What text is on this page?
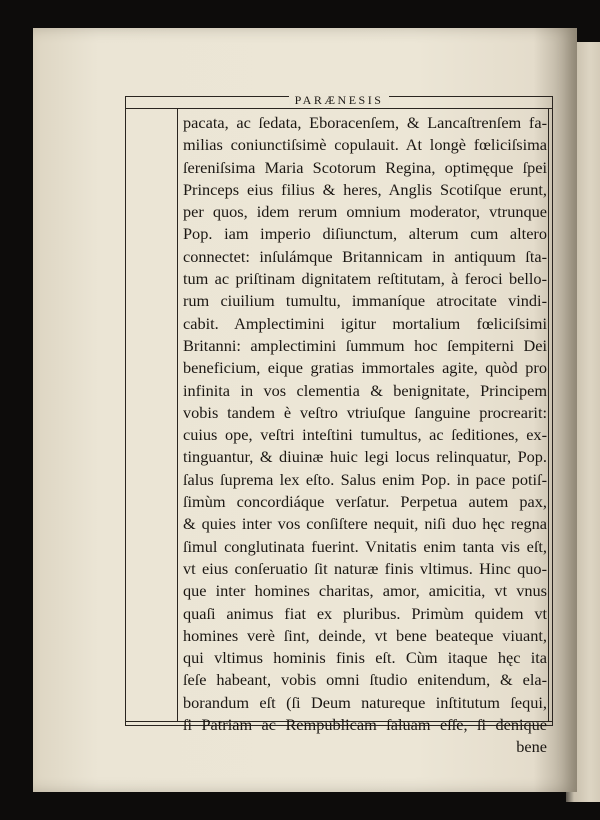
PARÆNESIS
pacata, ac ſedata, Eboracenſem, & Lancaſtrenſem fa-
milias coniunctiſsimè copulauit. At longè fœliciſsima
ſereniſsima Maria Scotorum Regina, optimęque ſpei
Princeps eius filius & heres, Anglis Scotiſque erunt,
per quos, idem rerum omnium moderator, vtrunque
Pop. iam imperio diſiunctum, alterum cum altero
connectet: inſulámque Britannicam in antiquum ſta-
tum ac priſtinam dignitatem reſtitutam, à feroci bello-
rum ciuilium tumultu, immaníque atrocitate vindi-
cabit. Amplectimini igitur mortalium fœliciſsimi
Britanni: amplectimini ſummum hoc ſempiterni Dei
beneficium, eique gratias immortales agite, quòd pro
infinita in vos clementia & benignitate, Principem
vobis tandem è veſtro vtriuſque ſanguine procrearit:
cuius ope, veſtri inteſtini tumultus, ac ſeditiones, ex-
tinguantur, & diuinæ huic legi locus relinquatur, Pop.
ſalus ſuprema lex eſto. Salus enim Pop. in pace potiſ-
ſimùm concordiáque verſatur. Perpetua autem pax,
& quies inter vos conſiſtere nequit, niſi duo hęc regna
ſimul conglutinata fuerint. Vnitatis enim tanta vis eſt,
vt eius conſeruatio ſit naturæ finis vltimus. Hinc quo-
que inter homines charitas, amor, amicitia, vt vnus
quaſi animus fiat ex pluribus. Primùm quidem vt
homines verè ſint, deinde, vt bene beateque viuant,
qui vltimus hominis finis eſt. Cùm itaque hęc ita
ſeſe habeant, vobis omni ſtudio enitendum, & ela-
borandum eſt (ſi Deum natureque inſtitutum ſequi,
ſi Patriam ac Rempublicam ſaluam eſſe, ſi denique
bene
